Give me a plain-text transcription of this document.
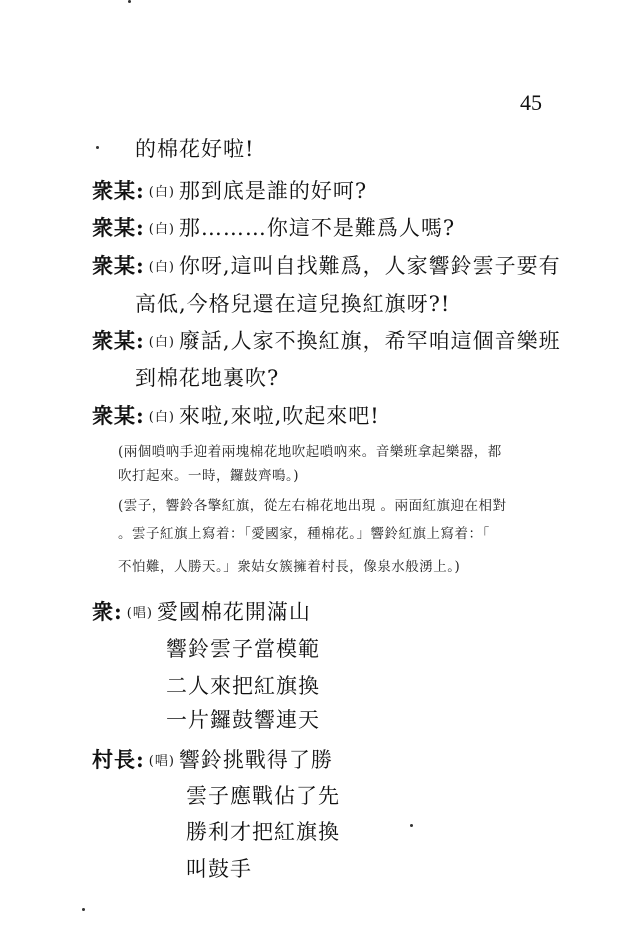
45
的棉花好啦!
衆某: (白) 那到底是誰的好呵?
衆某: (白) 那………你這不是難爲人嗎?
衆某: (白) 你呀,這叫自找難爲，人家響鈴雲子要有
高低,今格兒還在這兒換紅旗呀?!
衆某: (白) 廢話,人家不換紅旗，希罕咱這個音樂班
到棉花地裏吹?
衆某: (白) 來啦,來啦,吹起來吧!
(兩個嗩吶手迎着兩塊棉花地吹起嗩吶來。音樂班拿起樂器，都
吹打起來。一時，鑼鼓齊鳴。)
(雲子，響鈴各擎紅旗，從左右棉花地出現 。兩面紅旗迎在相對
。雲子紅旗上寫着：「愛國家，種棉花。」響鈴紅旗上寫着：「
不怕難，人勝天。」衆姑女簇擁着村長，像泉水般湧上。)
衆: (唱) 愛國棉花開滿山
響鈴雲子當模範
二人來把紅旗換
一片鑼鼓響連天
村長: (唱) 響鈴挑戰得了勝
雲子應戰佔了先
勝利才把紅旗換
叫鼓手
